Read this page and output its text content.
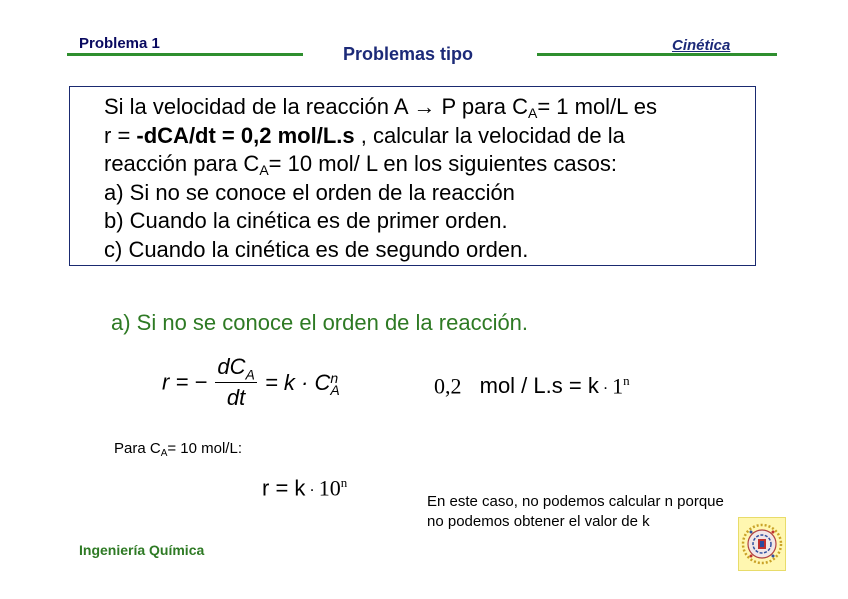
Problema 1
Problemas tipo	Cinética
Si la velocidad de la reacción A → P para $C_A= 1$ mol/L es
r = -dCA/dt = 0,2 mol/L.s , calcular la velocidad de la
reacción para $C_A= 10$ mol/ L en los siguientes casos:
a) Si no se conoce el orden de la reacción
b) Cuando la cinética es de primer orden.
c) Cuando la cinética es de segundo orden.
a) Si no se conoce el orden de la reacción.
r = − $\frac{dC_A}{dt} = k \cdot C$ n
A	0,2 mol / $L.s = k \cdot 1^n$
Para $C_A= 10$ mol/L:
$r = k \cdot 10^n$
En este caso, no podemos calcular n porque no podemos obtener el valor de k
Ingeniería Química
